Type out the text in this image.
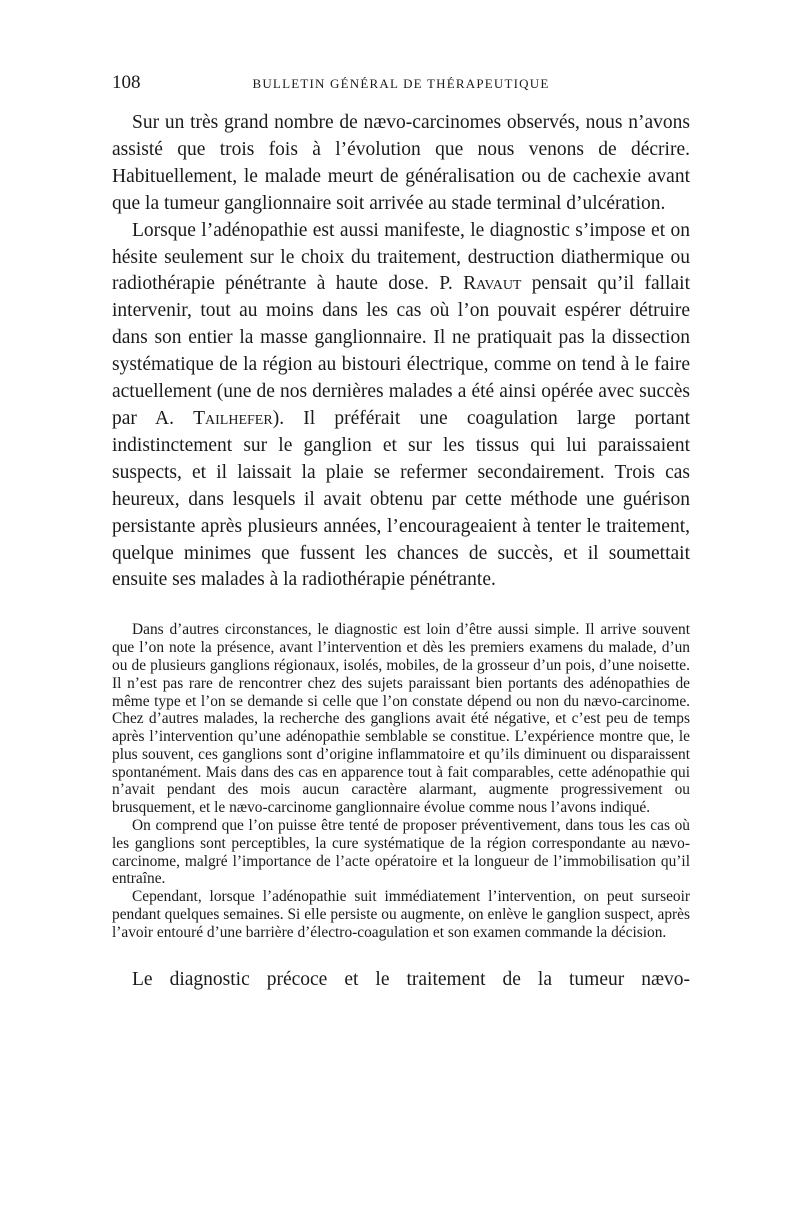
108	BULLETIN GÉNÉRAL DE THÉRAPEUTIQUE

Sur un très grand nombre de nævo-carcinomes observés, nous n’avons assisté que trois fois à l’évolution que nous venons de décrire. Habituellement, le malade meurt de généralisation ou de cachexie avant que la tumeur ganglionnaire soit arrivée au stade terminal d’ulcération.

Lorsque l’adénopathie est aussi manifeste, le diagnostic s’impose et on hésite seulement sur le choix du traitement, destruction diathermique ou radiothérapie pénétrante à haute dose. P. Ravaut pensait qu’il fallait intervenir, tout au moins dans les cas où l’on pouvait espérer détruire dans son entier la masse ganglionnaire. Il ne pratiquait pas la dissection systématique de la région au bistouri électrique, comme on tend à le faire actuellement (une de nos dernières malades a été ainsi opérée avec succès par A. Tailhefer). Il préférait une coagulation large portant indistinctement sur le ganglion et sur les tissus qui lui paraissaient suspects, et il laissait la plaie se refermer secondairement. Trois cas heureux, dans lesquels il avait obtenu par cette méthode une guérison persistante après plusieurs années, l’encourageaient à tenter le traitement, quelque minimes que fussent les chances de succès, et il soumettait ensuite ses malades à la radiothérapie pénétrante.

Dans d’autres circonstances, le diagnostic est loin d’être aussi simple. Il arrive souvent que l’on note la présence, avant l’intervention et dès les premiers examens du malade, d’un ou de plusieurs ganglions régionaux, isolés, mobiles, de la grosseur d’un pois, d’une noisette. Il n’est pas rare de rencontrer chez des sujets paraissant bien portants des adénopathies de même type et l’on se demande si celle que l’on constate dépend ou non du nævo-carcinome. Chez d’autres malades, la recherche des ganglions avait été négative, et c’est peu de temps après l’intervention qu’une adénopathie semblable se constitue. L’expérience montre que, le plus souvent, ces ganglions sont d’origine inflammatoire et qu’ils diminuent ou disparaissent spontanément. Mais dans des cas en apparence tout à fait comparables, cette adénopathie qui n’avait pendant des mois aucun caractère alarmant, augmente progressivement ou brusquement, et le nævo-carcinome ganglionnaire évolue comme nous l’avons indiqué.

On comprend que l’on puisse être tenté de proposer préventivement, dans tous les cas où les ganglions sont perceptibles, la cure systématique de la région correspondante au nævo-carcinome, malgré l’importance de l’acte opératoire et la longueur de l’immobilisation qu’il entraîne.

Cependant, lorsque l’adénopathie suit immédiatement l’intervention, on peut surseoir pendant quelques semaines. Si elle persiste ou augmente, on enlève le ganglion suspect, après l’avoir entouré d’une barrière d’électro-coagulation et son examen commande la décision.

Le diagnostic précoce et le traitement de la tumeur nævo-
